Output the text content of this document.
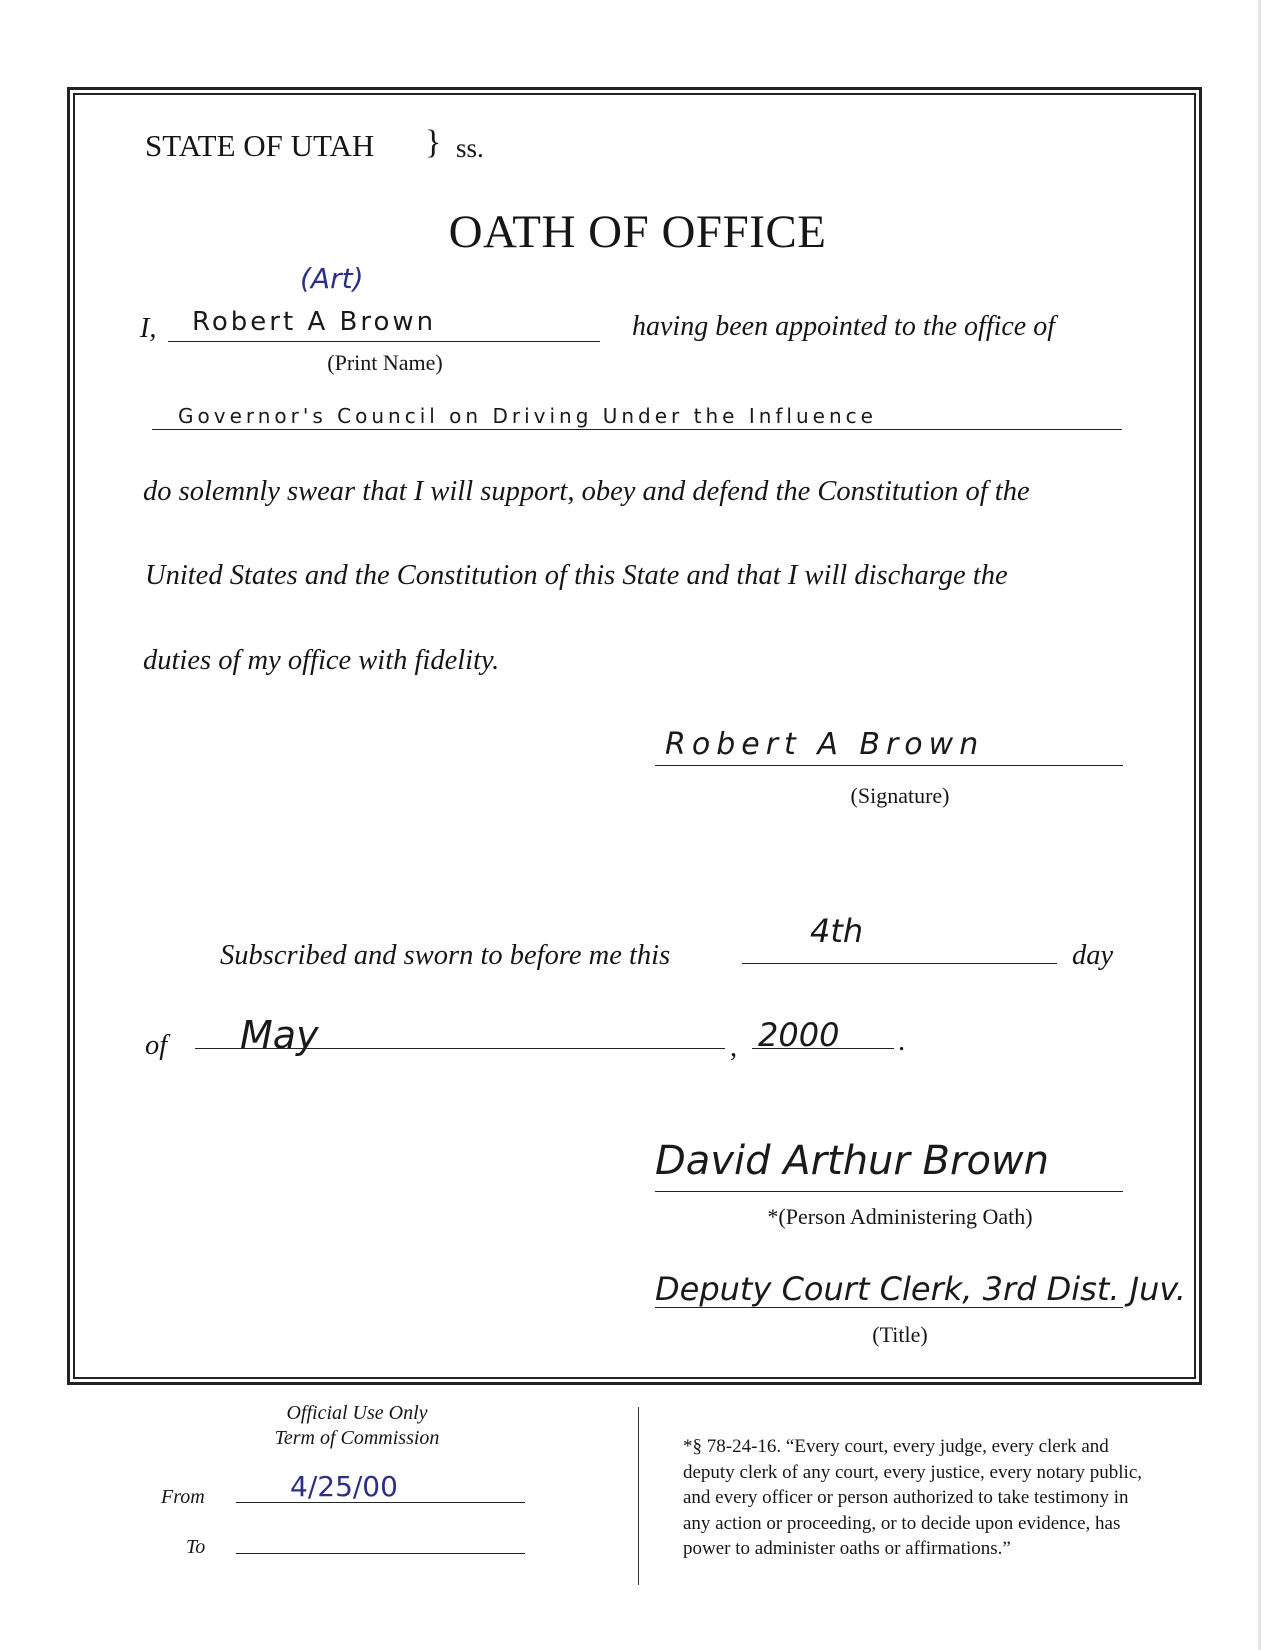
STATE OF UTAH } ss.
OATH OF OFFICE
I,
(Art)
Robert A Brown
(Print Name)
having been appointed to the office of
Governor's Council on Driving Under the Influence
do solemnly swear that I will support, obey and defend the Constitution of the
United States and the Constitution of this State and that I will discharge the
duties of my office with fidelity.
Robert A Brown
(Signature)
Subscribed and sworn to before me this
4th
day
of May	, 2000 .
David Arthur Brown
*(Person Administering Oath)
Deputy Court Clerk, 3rd Dist. Juv.
(Title)
Official Use Only
Term of Commission
From	4/25/00
To
*§ 78-24-16. “Every court, every judge, every clerk and
deputy clerk of any court, every justice, every notary public,
and every officer or person authorized to take testimony in
any action or proceeding, or to decide upon evidence, has
power to administer oaths or affirmations.”
